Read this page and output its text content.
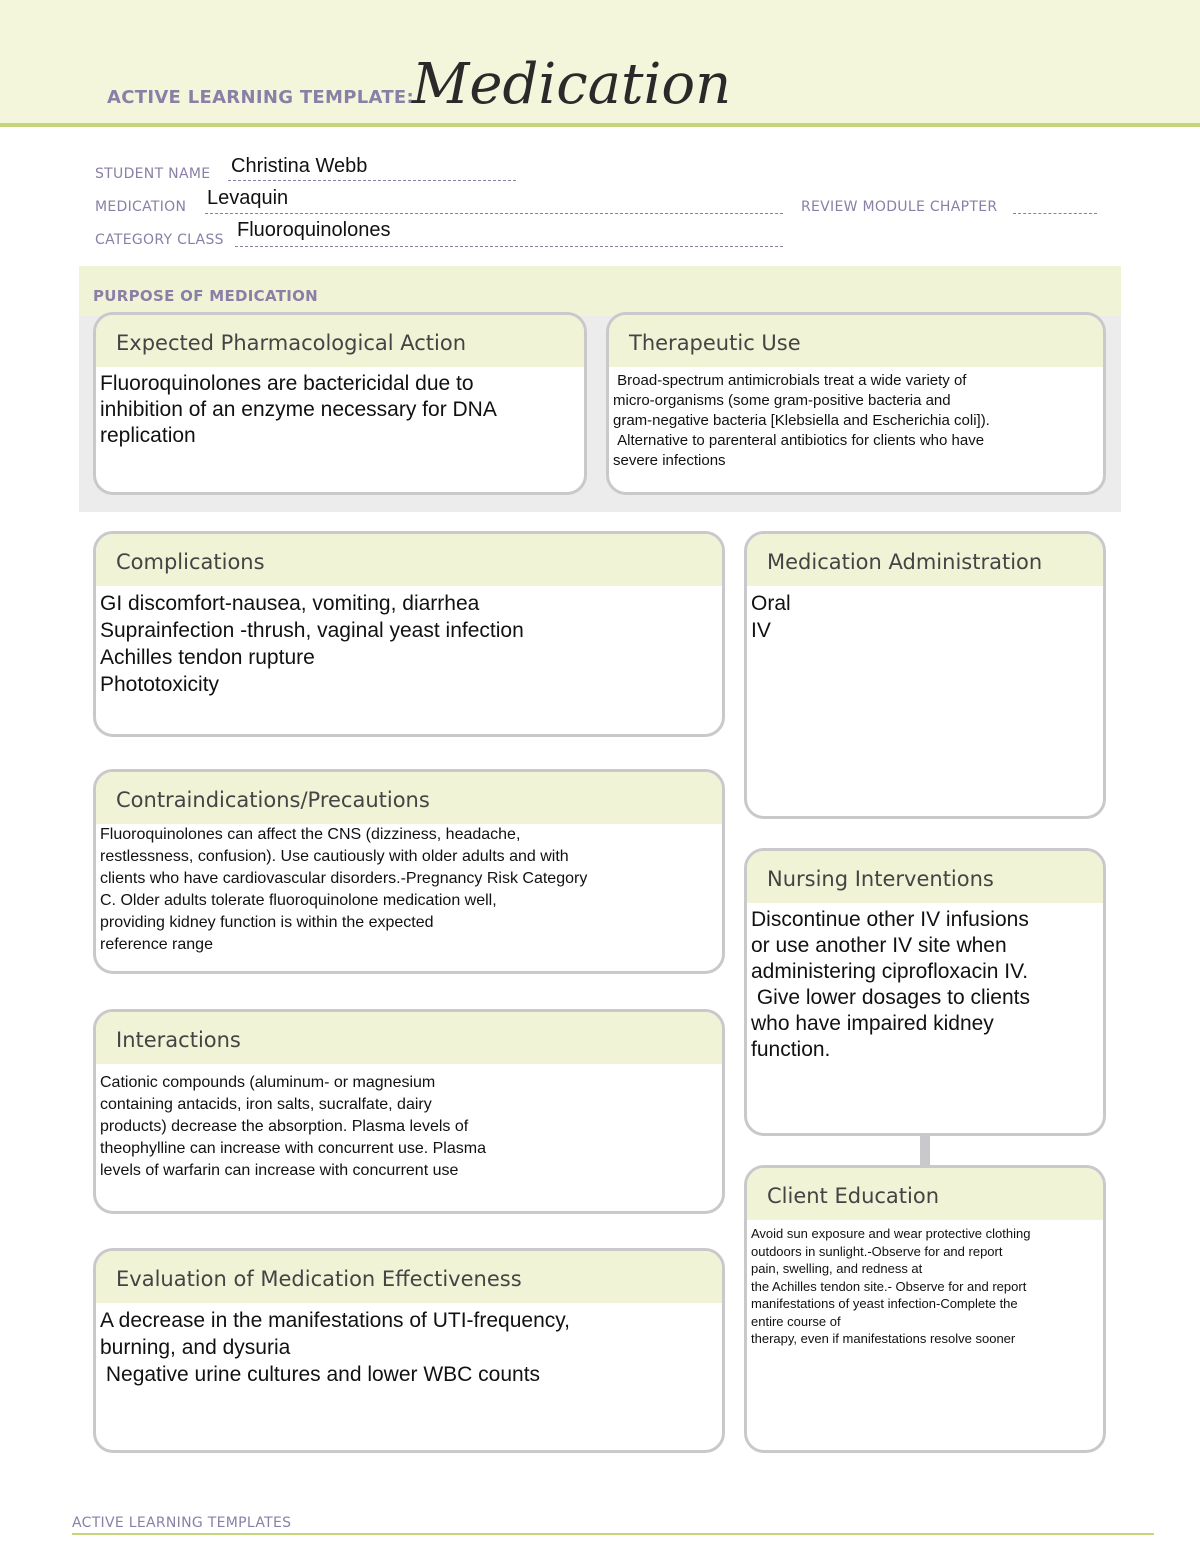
ACTIVE LEARNING TEMPLATE:
Medication
STUDENT NAME Christina Webb
MEDICATION Levaquin	REVIEW MODULE CHAPTER
CATEGORY CLASS Fluoroquinolones
PURPOSE OF MEDICATION
Expected Pharmacological Action
Fluoroquinolones are bactericidal due to
inhibition of an enzyme necessary for DNA
replication
Therapeutic Use
Broad-spectrum antimicrobials treat a wide variety of
micro-organisms (some gram-positive bacteria and
gram-negative bacteria [Klebsiella and Escherichia coli]).
Alternative to parenteral antibiotics for clients who have
severe infections
Complications
GI discomfort-nausea, vomiting, diarrhea
Suprainfection -thrush, vaginal yeast infection
Achilles tendon rupture
Phototoxicity
Medication Administration
Oral
IV
Contraindications/Precautions
Fluoroquinolones can affect the CNS (dizziness, headache,
restlessness, confusion). Use cautiously with older adults and with
clients who have cardiovascular disorders.-Pregnancy Risk Category
C. Older adults tolerate fluoroquinolone medication well,
providing kidney function is within the expected
reference range
Nursing Interventions
Discontinue other IV infusions
or use another IV site when
administering ciprofloxacin IV.
Give lower dosages to clients
who have impaired kidney
function.
Interactions
Cationic compounds (aluminum- or magnesium
containing antacids, iron salts, sucralfate, dairy
products) decrease the absorption. Plasma levels of
theophylline can increase with concurrent use. Plasma
levels of warfarin can increase with concurrent use
Client Education
Avoid sun exposure and wear protective clothing
outdoors in sunlight.-Observe for and report
pain, swelling, and redness at
the Achilles tendon site.- Observe for and report
manifestations of yeast infection-Complete the
entire course of
therapy, even if manifestations resolve sooner
Evaluation of Medication Effectiveness
A decrease in the manifestations of UTI-frequency,
burning, and dysuria
Negative urine cultures and lower WBC counts
ACTIVE LEARNING TEMPLATES
